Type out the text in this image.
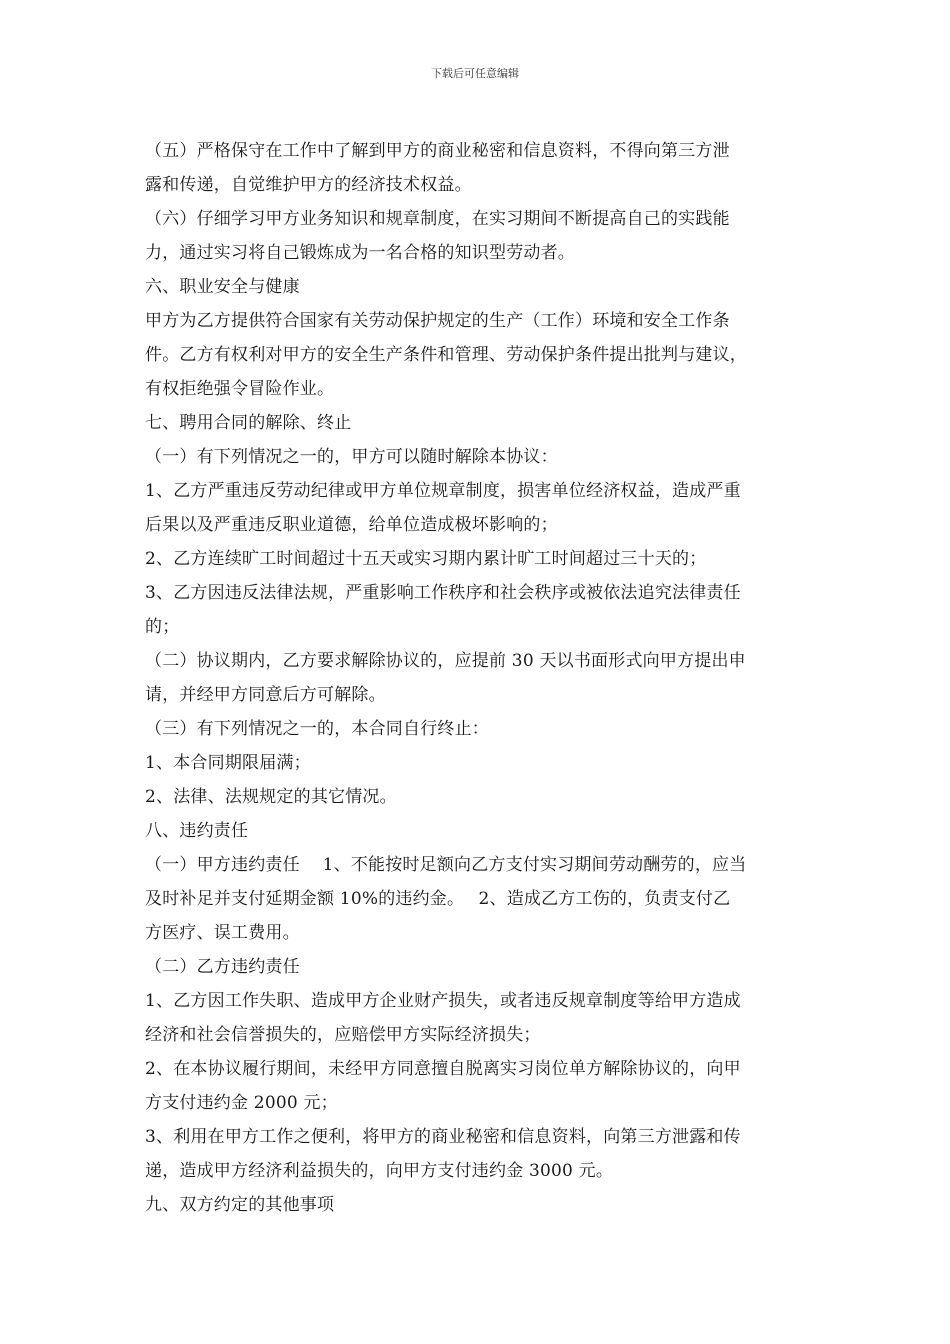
下载后可任意编辑
（五）严格保守在工作中了解到甲方的商业秘密和信息资料，不得向第三方泄
露和传递，自觉维护甲方的经济技术权益。
（六）仔细学习甲方业务知识和规章制度，在实习期间不断提高自己的实践能
力，通过实习将自己锻炼成为一名合格的知识型劳动者。
六、职业安全与健康
甲方为乙方提供符合国家有关劳动保护规定的生产（工作）环境和安全工作条
件。乙方有权利对甲方的安全生产条件和管理、劳动保护条件提出批判与建议，
有权拒绝强令冒险作业。
七、聘用合同的解除、终止
（一）有下列情况之一的，甲方可以随时解除本协议：
1、乙方严重违反劳动纪律或甲方单位规章制度，损害单位经济权益，造成严重
后果以及严重违反职业道德，给单位造成极坏影响的；
2、乙方连续旷工时间超过十五天或实习期内累计旷工时间超过三十天的；
3、乙方因违反法律法规，严重影响工作秩序和社会秩序或被依法追究法律责任
的；
（二）协议期内，乙方要求解除协议的，应提前 30 天以书面形式向甲方提出申
请，并经甲方同意后方可解除。
（三）有下列情况之一的，本合同自行终止：
1、本合同期限届满；
2、法律、法规规定的其它情况。
八、违约责任
（一）甲方违约责任　 1、不能按时足额向乙方支付实习期间劳动酬劳的，应当
及时补足并支付延期金额 10%的违约金。　 2、造成乙方工伤的，负责支付乙
方医疗、误工费用。
（二）乙方违约责任
1、乙方因工作失职、造成甲方企业财产损失，或者违反规章制度等给甲方造成
经济和社会信誉损失的，应赔偿甲方实际经济损失；
2、在本协议履行期间，未经甲方同意擅自脱离实习岗位单方解除协议的，向甲
方支付违约金 2000 元；
3、利用在甲方工作之便利，将甲方的商业秘密和信息资料，向第三方泄露和传
递，造成甲方经济利益损失的，向甲方支付违约金 3000 元。
九、双方约定的其他事项
